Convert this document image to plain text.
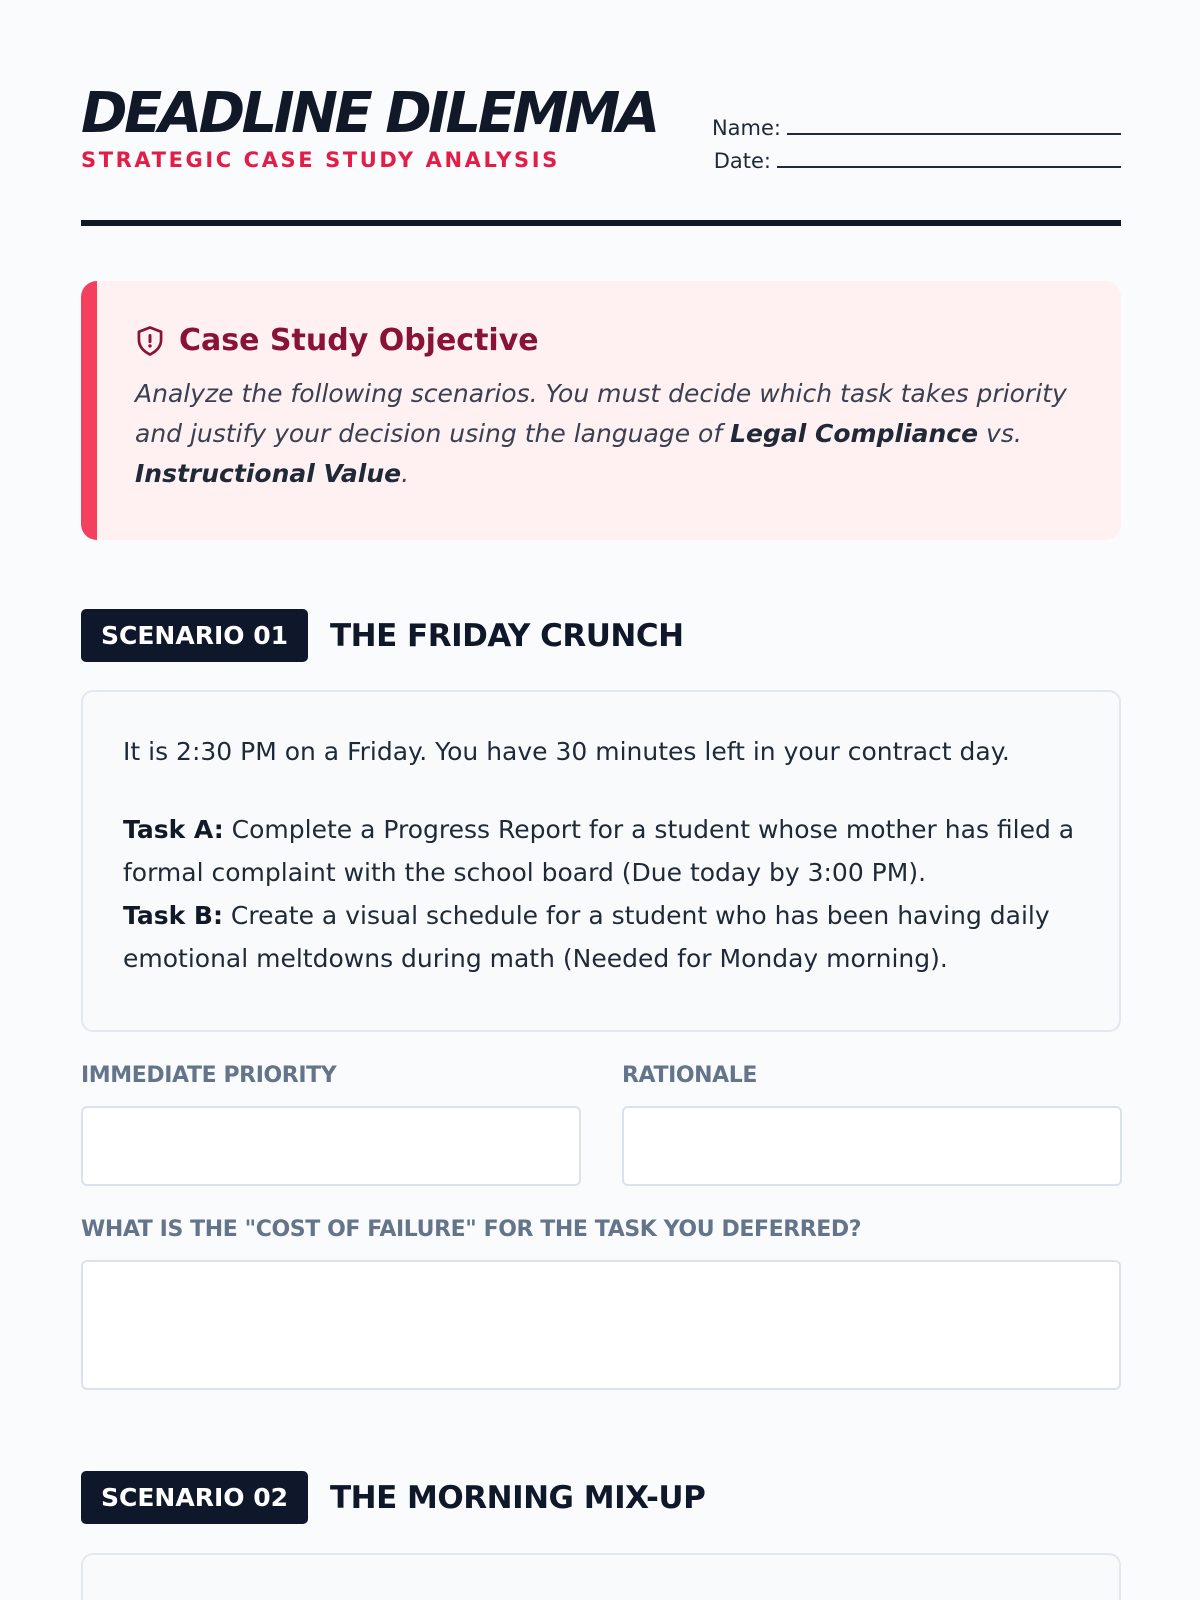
DEADLINE DILEMMA
STRATEGIC CASE STUDY ANALYSIS
Name:
Date:
Case Study Objective
Analyze the following scenarios. You must decide which task takes priority and justify your decision using the language of Legal Compliance vs. Instructional Value.
SCENARIO 01	THE FRIDAY CRUNCH

It is 2:30 PM on a Friday. You have 30 minutes left in your contract day.

Task A: Complete a Progress Report for a student whose mother has filed a formal complaint with the school board (Due today by 3:00 PM).

Task B: Create a visual schedule for a student who has been having daily emotional meltdowns during math (Needed for Monday morning).

IMMEDIATE PRIORITY	RATIONALE
WHAT IS THE "COST OF FAILURE" FOR THE TASK YOU DEFERRED?
SCENARIO 02	THE MORNING MIX-UP
